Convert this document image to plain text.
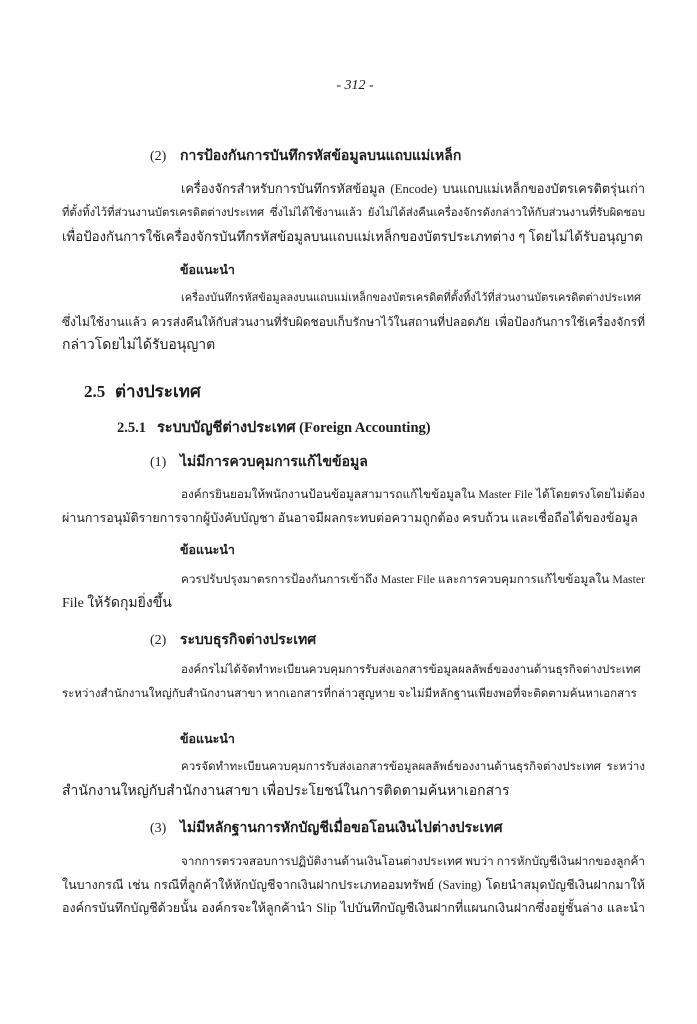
- 312 -
(2) การป้องกันการบันทึกรหัสข้อมูลบนแถบแม่เหล็ก
เครื่องจักรสำหรับการบันทึกรหัสข้อมูล (Encode) บนแถบแม่เหล็กของบัตรเครดิตรุ่นเก่า
ที่ตั้งทิ้งไว้ที่ส่วนงานบัตรเครดิตต่างประเทศ ซึ่งไม่ได้ใช้งานแล้ว ยังไม่ได้ส่งคืนเครื่องจักรดังกล่าวให้กับส่วนงานที่รับผิดชอบ
เพื่อป้องกันการใช้เครื่องจักรบันทึกรหัสข้อมูลบนแถบแม่เหล็กของบัตรประเภทต่าง ๆ โดยไม่ได้รับอนุญาต
ข้อแนะนำ
เครื่องบันทึกรหัสข้อมูลลงบนแถบแม่เหล็กของบัตรเครดิตที่ตั้งทิ้งไว้ที่ส่วนงานบัตรเครดิตต่างประเทศ
ซึ่งไม่ใช้งานแล้ว ควรส่งคืนให้กับส่วนงานที่รับผิดชอบเก็บรักษาไว้ในสถานที่ปลอดภัย เพื่อป้องกันการใช้เครื่องจักรที่
กล่าวโดยไม่ได้รับอนุญาต
2.5 ต่างประเทศ
2.5.1 ระบบบัญชีต่างประเทศ (Foreign Accounting)
(1) ไม่มีการควบคุมการแก้ไขข้อมูล
องค์กรยินยอมให้พนักงานป้อนข้อมูลสามารถแก้ไขข้อมูลใน Master File ได้โดยตรงโดยไม่ต้อง
ผ่านการอนุมัติรายการจากผู้บังคับบัญชา อันอาจมีผลกระทบต่อความถูกต้อง ครบถ้วน และเชื่อถือได้ของข้อมูล
ข้อแนะนำ
ควรปรับปรุงมาตรการป้องกันการเข้าถึง Master File และการควบคุมการแก้ไขข้อมูลใน Master
File ให้รัดกุมยิ่งขึ้น
(2) ระบบธุรกิจต่างประเทศ
องค์กรไม่ได้จัดทำทะเบียนควบคุมการรับส่งเอกสารข้อมูลผลลัพธ์ของงานด้านธุรกิจต่างประเทศ
ระหว่างสำนักงานใหญ่กับสำนักงานสาขา หากเอกสารที่กล่าวสูญหาย จะไม่มีหลักฐานเพียงพอที่จะติดตามค้นหาเอกสาร
ข้อแนะนำ
ควรจัดทำทะเบียนควบคุมการรับส่งเอกสารข้อมูลผลลัพธ์ของงานด้านธุรกิจต่างประเทศ ระหว่าง
สำนักงานใหญ่กับสำนักงานสาขา เพื่อประโยชน์ในการติดตามค้นหาเอกสาร
(3) ไม่มีหลักฐานการหักบัญชีเมื่อขอโอนเงินไปต่างประเทศ
จากการตรวจสอบการปฏิบัติงานด้านเงินโอนต่างประเทศ พบว่า การหักบัญชีเงินฝากของลูกค้า
ในบางกรณี เช่น กรณีที่ลูกค้าให้หักบัญชีจากเงินฝากประเภทออมทรัพย์ (Saving) โดยนำสมุดบัญชีเงินฝากมาให้
องค์กรบันทึกบัญชีด้วยนั้น องค์กรจะให้ลูกค้านำ Slip ไปบันทึกบัญชีเงินฝากที่แผนกเงินฝากซึ่งอยู่ชั้นล่าง และนำ
